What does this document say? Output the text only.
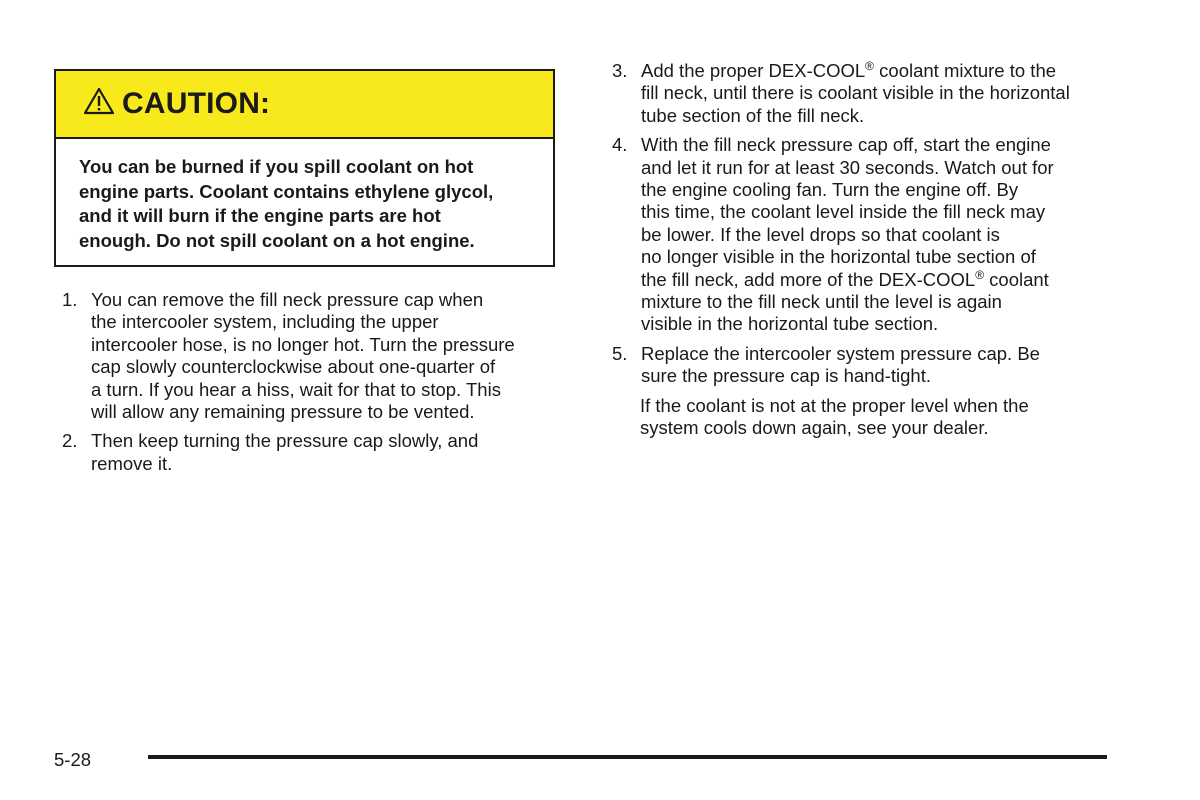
CAUTION:
You can be burned if you spill coolant on hot
engine parts. Coolant contains ethylene glycol,
and it will burn if the engine parts are hot
enough. Do not spill coolant on a hot engine.
1. You can remove the fill neck pressure cap when
the intercooler system, including the upper
intercooler hose, is no longer hot. Turn the pressure
cap slowly counterclockwise about one-quarter of
a turn. If you hear a hiss, wait for that to stop. This
will allow any remaining pressure to be vented.
2. Then keep turning the pressure cap slowly, and
remove it.
3. Add the proper DEX-COOL® coolant mixture to the
fill neck, until there is coolant visible in the horizontal
tube section of the fill neck.
4. With the fill neck pressure cap off, start the engine
and let it run for at least 30 seconds. Watch out for
the engine cooling fan. Turn the engine off. By
this time, the coolant level inside the fill neck may
be lower. If the level drops so that coolant is
no longer visible in the horizontal tube section of
the fill neck, add more of the DEX-COOL® coolant
mixture to the fill neck until the level is again
visible in the horizontal tube section.
5. Replace the intercooler system pressure cap. Be
sure the pressure cap is hand-tight.
If the coolant is not at the proper level when the
system cools down again, see your dealer.
5-28
